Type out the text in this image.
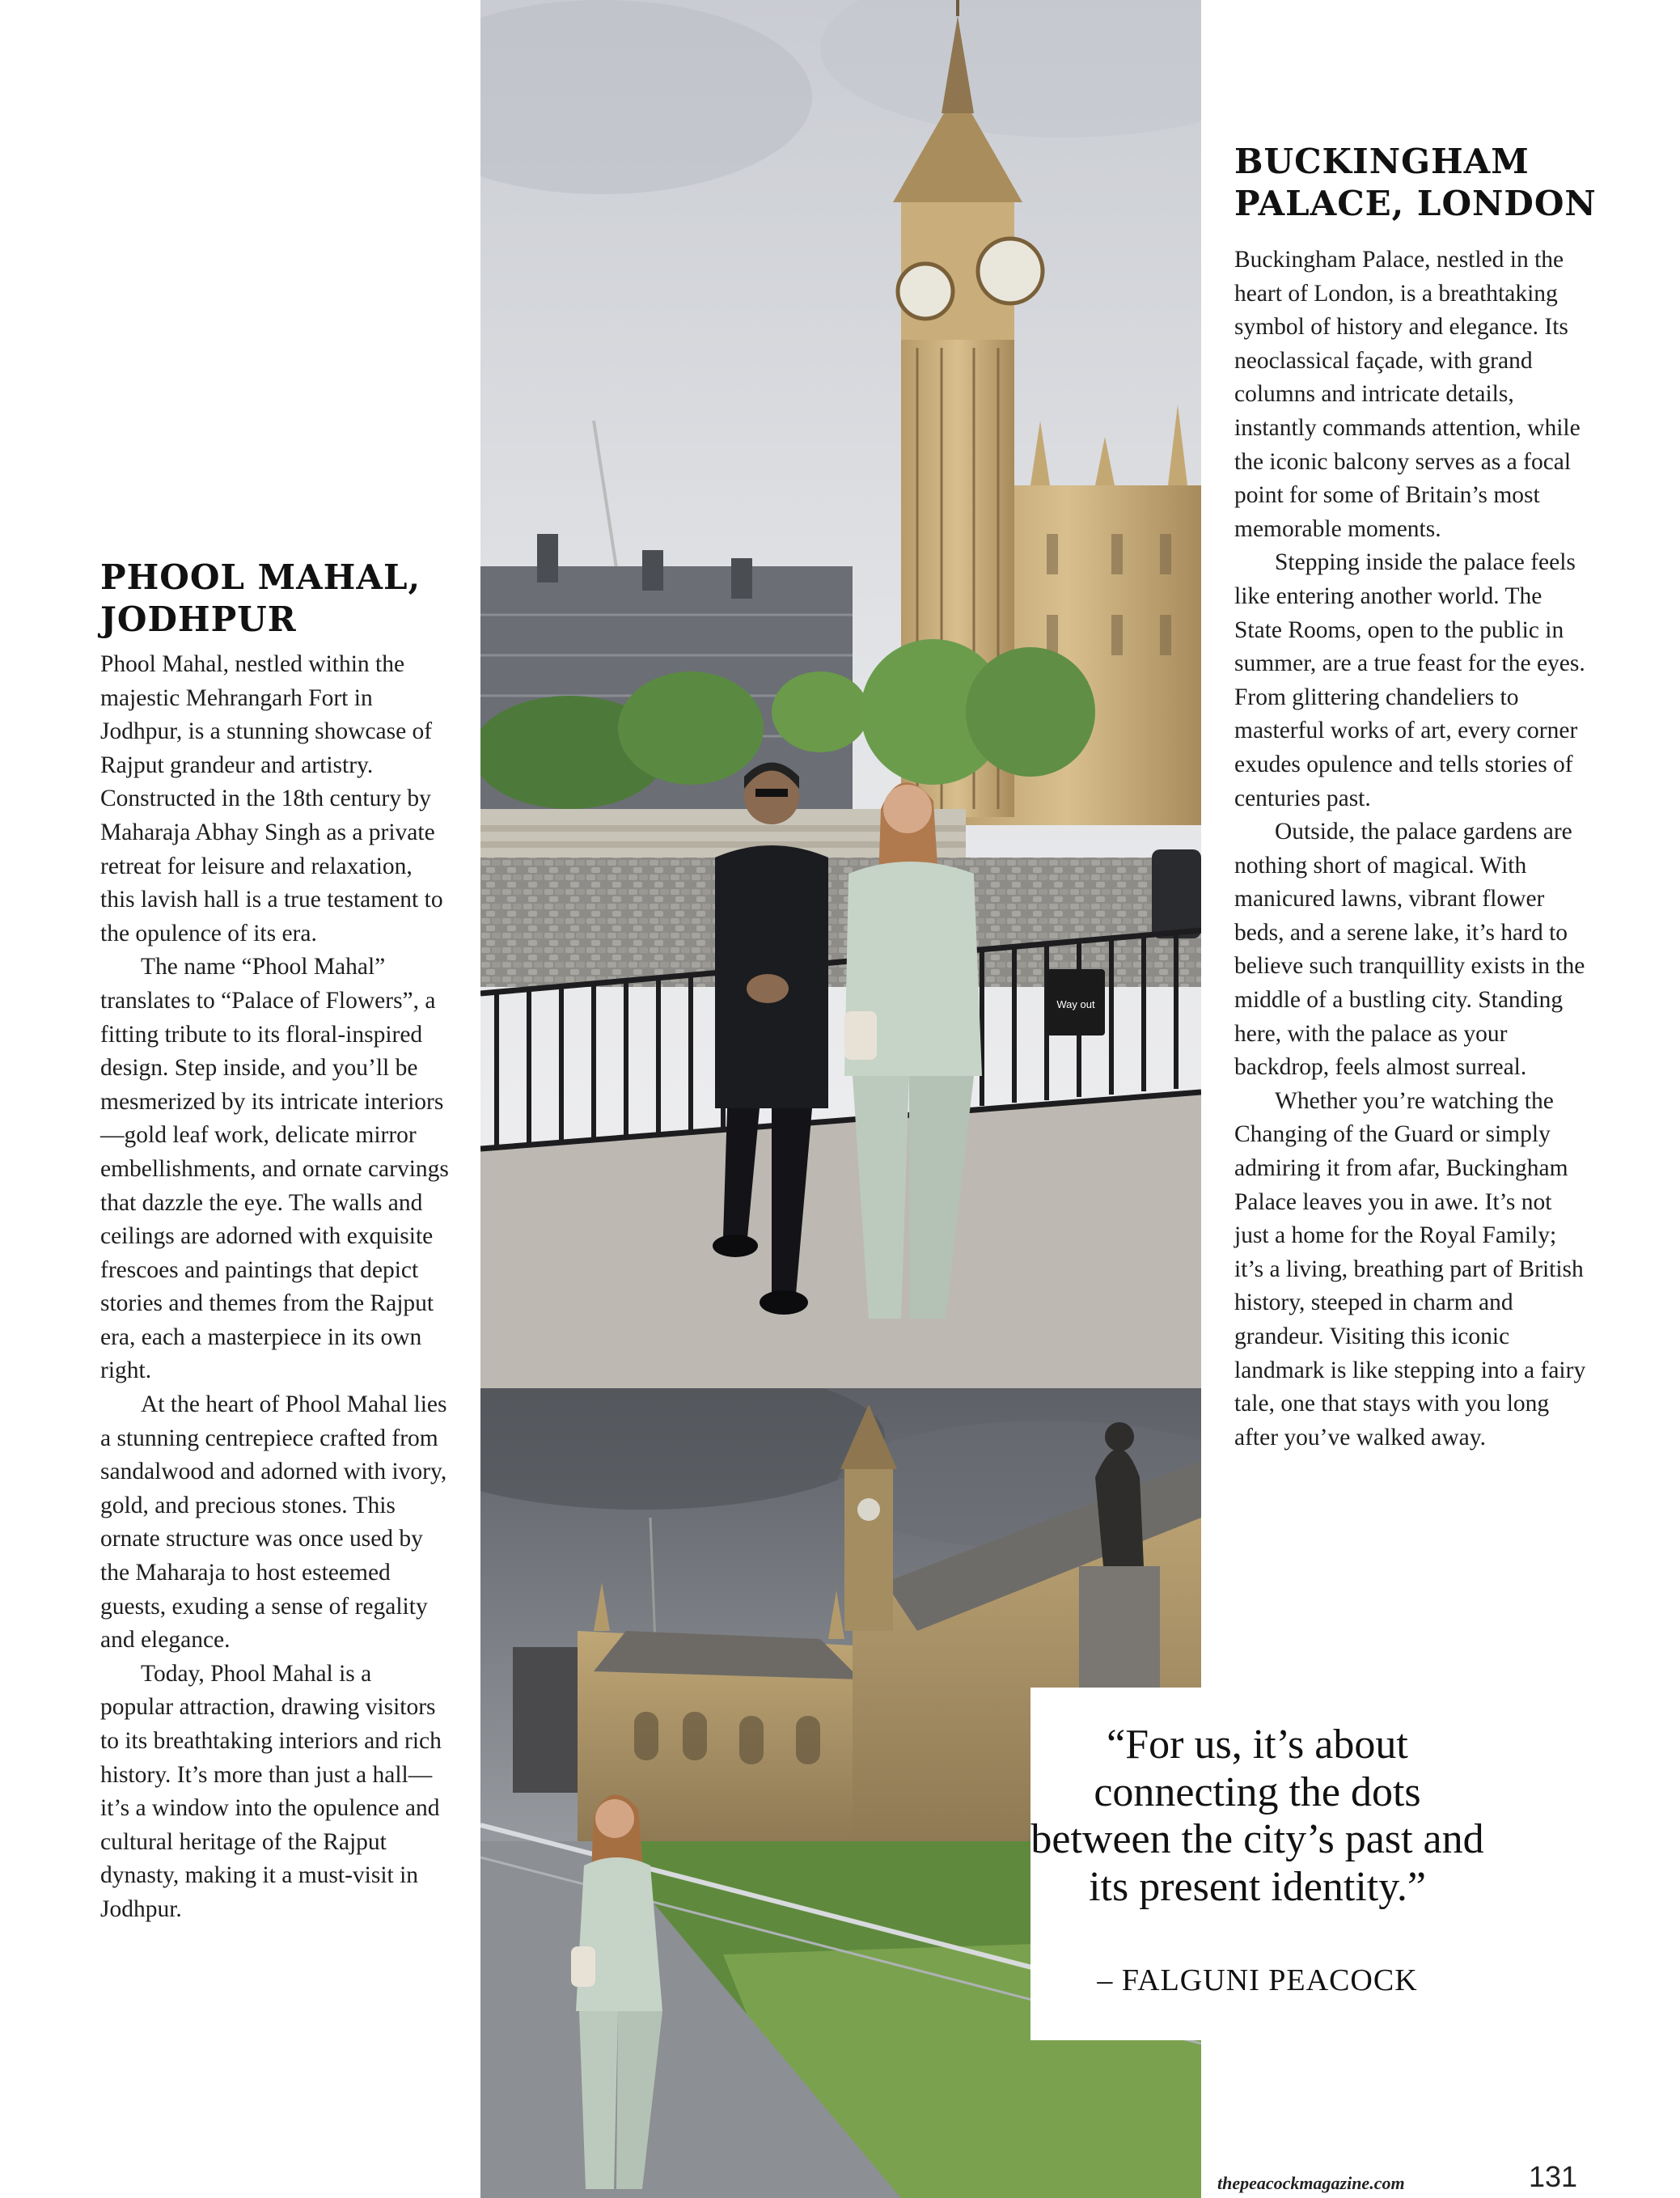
PHOOL MAHAL,
JODHPUR

Phool Mahal, nestled within the majestic Mehrangarh Fort in Jodhpur, is a stunning showcase of Rajput grandeur and artistry. Constructed in the 18th century by Maharaja Abhay Singh as a private retreat for leisure and relaxation, this lavish hall is a true testament to the opulence of its era.

The name “Phool Mahal” translates to “Palace of Flowers”, a fitting tribute to its floral-inspired design. Step inside, and you’ll be mesmerized by its intricate interiors—gold leaf work, delicate mirror embellishments, and ornate carvings that dazzle the eye. The walls and ceilings are adorned with exquisite frescoes and paintings that depict stories and themes from the Rajput era, each a masterpiece in its own right.

At the heart of Phool Mahal lies a stunning centrepiece crafted from sandalwood and adorned with ivory, gold, and precious stones. This ornate structure was once used by the Maharaja to host esteemed guests, exuding a sense of regality and elegance.

Today, Phool Mahal is a popular attraction, drawing visitors to its breathtaking interiors and rich history. It’s more than just a hall—it’s a window into the opulence and cultural heritage of the Rajput dynasty, making it a must-visit in Jodhpur.

BUCKINGHAM
PALACE, LONDON

Buckingham Palace, nestled in the heart of London, is a breathtaking symbol of history and elegance. Its neoclassical façade, with grand columns and intricate details, instantly commands attention, while the iconic balcony serves as a focal point for some of Britain’s most memorable moments.

Stepping inside the palace feels like entering another world. The State Rooms, open to the public in summer, are a true feast for the eyes. From glittering chandeliers to masterful works of art, every corner exudes opulence and tells stories of centuries past.

Outside, the palace gardens are nothing short of magical. With manicured lawns, vibrant flower beds, and a serene lake, it’s hard to believe such tranquillity exists in the middle of a bustling city. Standing here, with the palace as your backdrop, feels almost surreal.

Whether you’re watching the Changing of the Guard or simply admiring it from afar, Buckingham Palace leaves you in awe. It’s not just a home for the Royal Family; it’s a living, breathing part of British history, steeped in charm and grandeur. Visiting this iconic landmark is like stepping into a fairy tale, one that stays with you long after you’ve walked away.

Way out
“For us, it’s about connecting the dots between the city’s past and its present identity.”
– FALGUNI PEACOCK
thepeacockmagazine.com	131
